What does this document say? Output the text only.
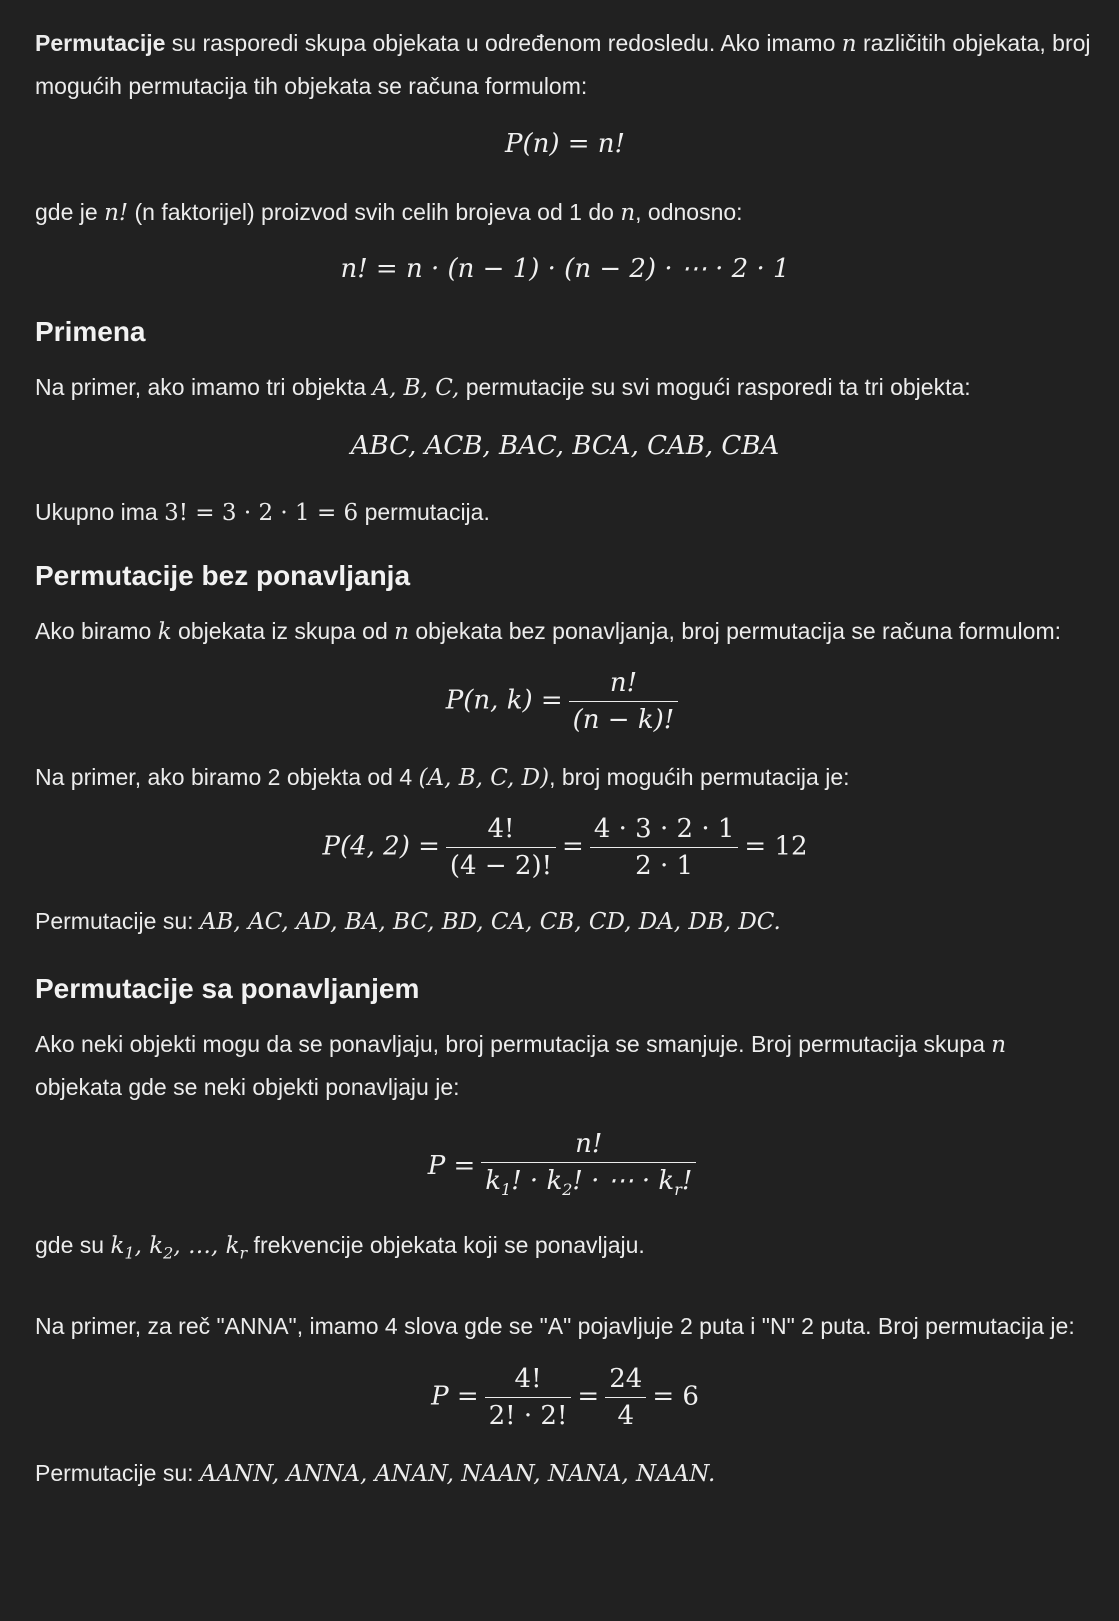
Permutacije su rasporedi skupa objekata u određenom redosledu. Ako imamo n različitih objekata, broj mogućih permutacija tih objekata se računa formulom:

P(n) = n!

gde je n! (n faktorijel) proizvod svih celih brojeva od 1 do n, odnosno:

n! = n · (n − 1) · (n − 2) · ⋯ · 2 · 1
Primena

Na primer, ako imamo tri objekta A, B, C, permutacije su svi mogući rasporedi ta tri objekta:

ABC, ACB, BAC, BCA, CAB, CBA

Ukupno ima 3! = 3 · 2 · 1 = 6 permutacija.

Permutacije bez ponavljanja

Ako biramo k objekata iz skupa od n objekata bez ponavljanja, broj permutacija se računa formulom:

P(n, $k) = \frac{n!}{(n - k)!}$

Na primer, ako biramo 2 objekta od 4 (A, B, C, D), broj mogućih permutacija je:

P(4, $2) = \frac{4!}{(4 - 2)!} = \frac{4 \cdot 3 \cdot 2 \cdot 1}{2 \cdot 1} = 12$

Permutacije su: AB, AC, AD, BA, BC, BD, CA, CB, CD, DA, DB, DC.

Permutacije sa ponavljanjem

Ako neki objekti mogu da se ponavljaju, broj permutacija se smanjuje. Broj permutacija skupa n objekata gde se neki objekti ponavljaju je:

$P = \frac{n!}{k_1! \cdot k_2! \cdot \cdots \cdot k_r!}$

gde su $k_1$, $k_2$, …, $k_r$ frekvencije objekata koji se ponavljaju.

Na primer, za reč "ANNA", imamo 4 slova gde se "A" pojavljuje 2 puta i "N" 2 puta. Broj permutacija je:

$P = \frac{4!}{2! \cdot 2!} = \frac{24}{4} = 6$

Permutacije su: AANN, ANNA, ANAN, NAAN, NANA, NAAN.
